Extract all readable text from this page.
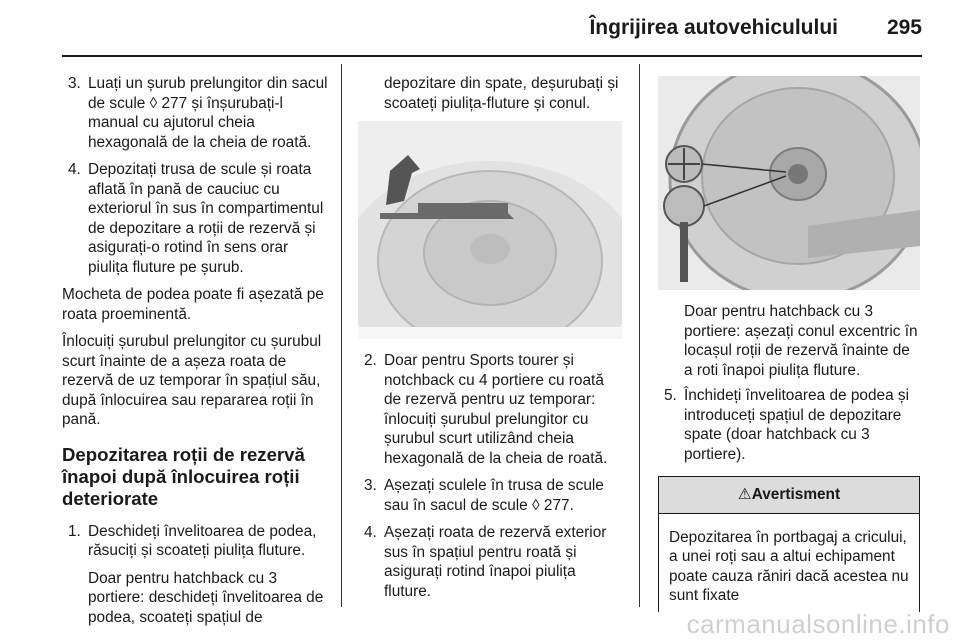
Îngrijirea autovehiculului 295
3. Luați un șurub prelungitor din sacul de scule ◊ 277 și înșurubați-l manual cu ajutorul cheia hexagonală de la cheia de roată.
4. Depozitați trusa de scule și roata aflată în pană de cauciuc cu exteriorul în sus în compartimentul de depozitare a roții de rezervă și asigurați-o rotind în sens orar piulița fluture pe șurub.

Mocheta de podea poate fi așezată pe roata proeminentă.

Înlocuiți șurubul prelungitor cu șurubul scurt înainte de a așeza roata de rezervă de uz temporar în spațiul său, după înlocuirea sau repararea roții în pană.

Depozitarea roții de rezervă înapoi după înlocuirea roții deteriorate
1. Deschideți învelitoarea de podea, răsuciți și scoateți piulița fluture.
Doar pentru hatchback cu 3 portiere: deschideți învelitoarea de podea, scoateți spațiul de

depozitare din spate, deșurubați și scoateți piulița-fluture și conul.

2. Doar pentru Sports tourer și notchback cu 4 portiere cu roată de rezervă pentru uz temporar: înlocuiți șurubul prelungitor cu șurubul scurt utilizând cheia hexagonală de la cheia de roată.
3. Așezați sculele în trusa de scule sau în sacul de scule ◊ 277.
4. Așezați roata de rezervă exterior sus în spațiul pentru roată și asigurați rotind înapoi piulița fluture.
Doar pentru hatchback cu 3 portiere: așezați conul excentric în locașul roții de rezervă înainte de a roti înapoi piulița fluture.
5. Închideți învelitoarea de podea și introduceți spațiul de depozitare spate (doar hatchback cu 3 portiere).
⚠Avertisment
Depozitarea în portbagaj a cricului, a unei roți sau a altui echipament poate cauza răniri dacă acestea nu sunt fixate
carmanualsonline.info
